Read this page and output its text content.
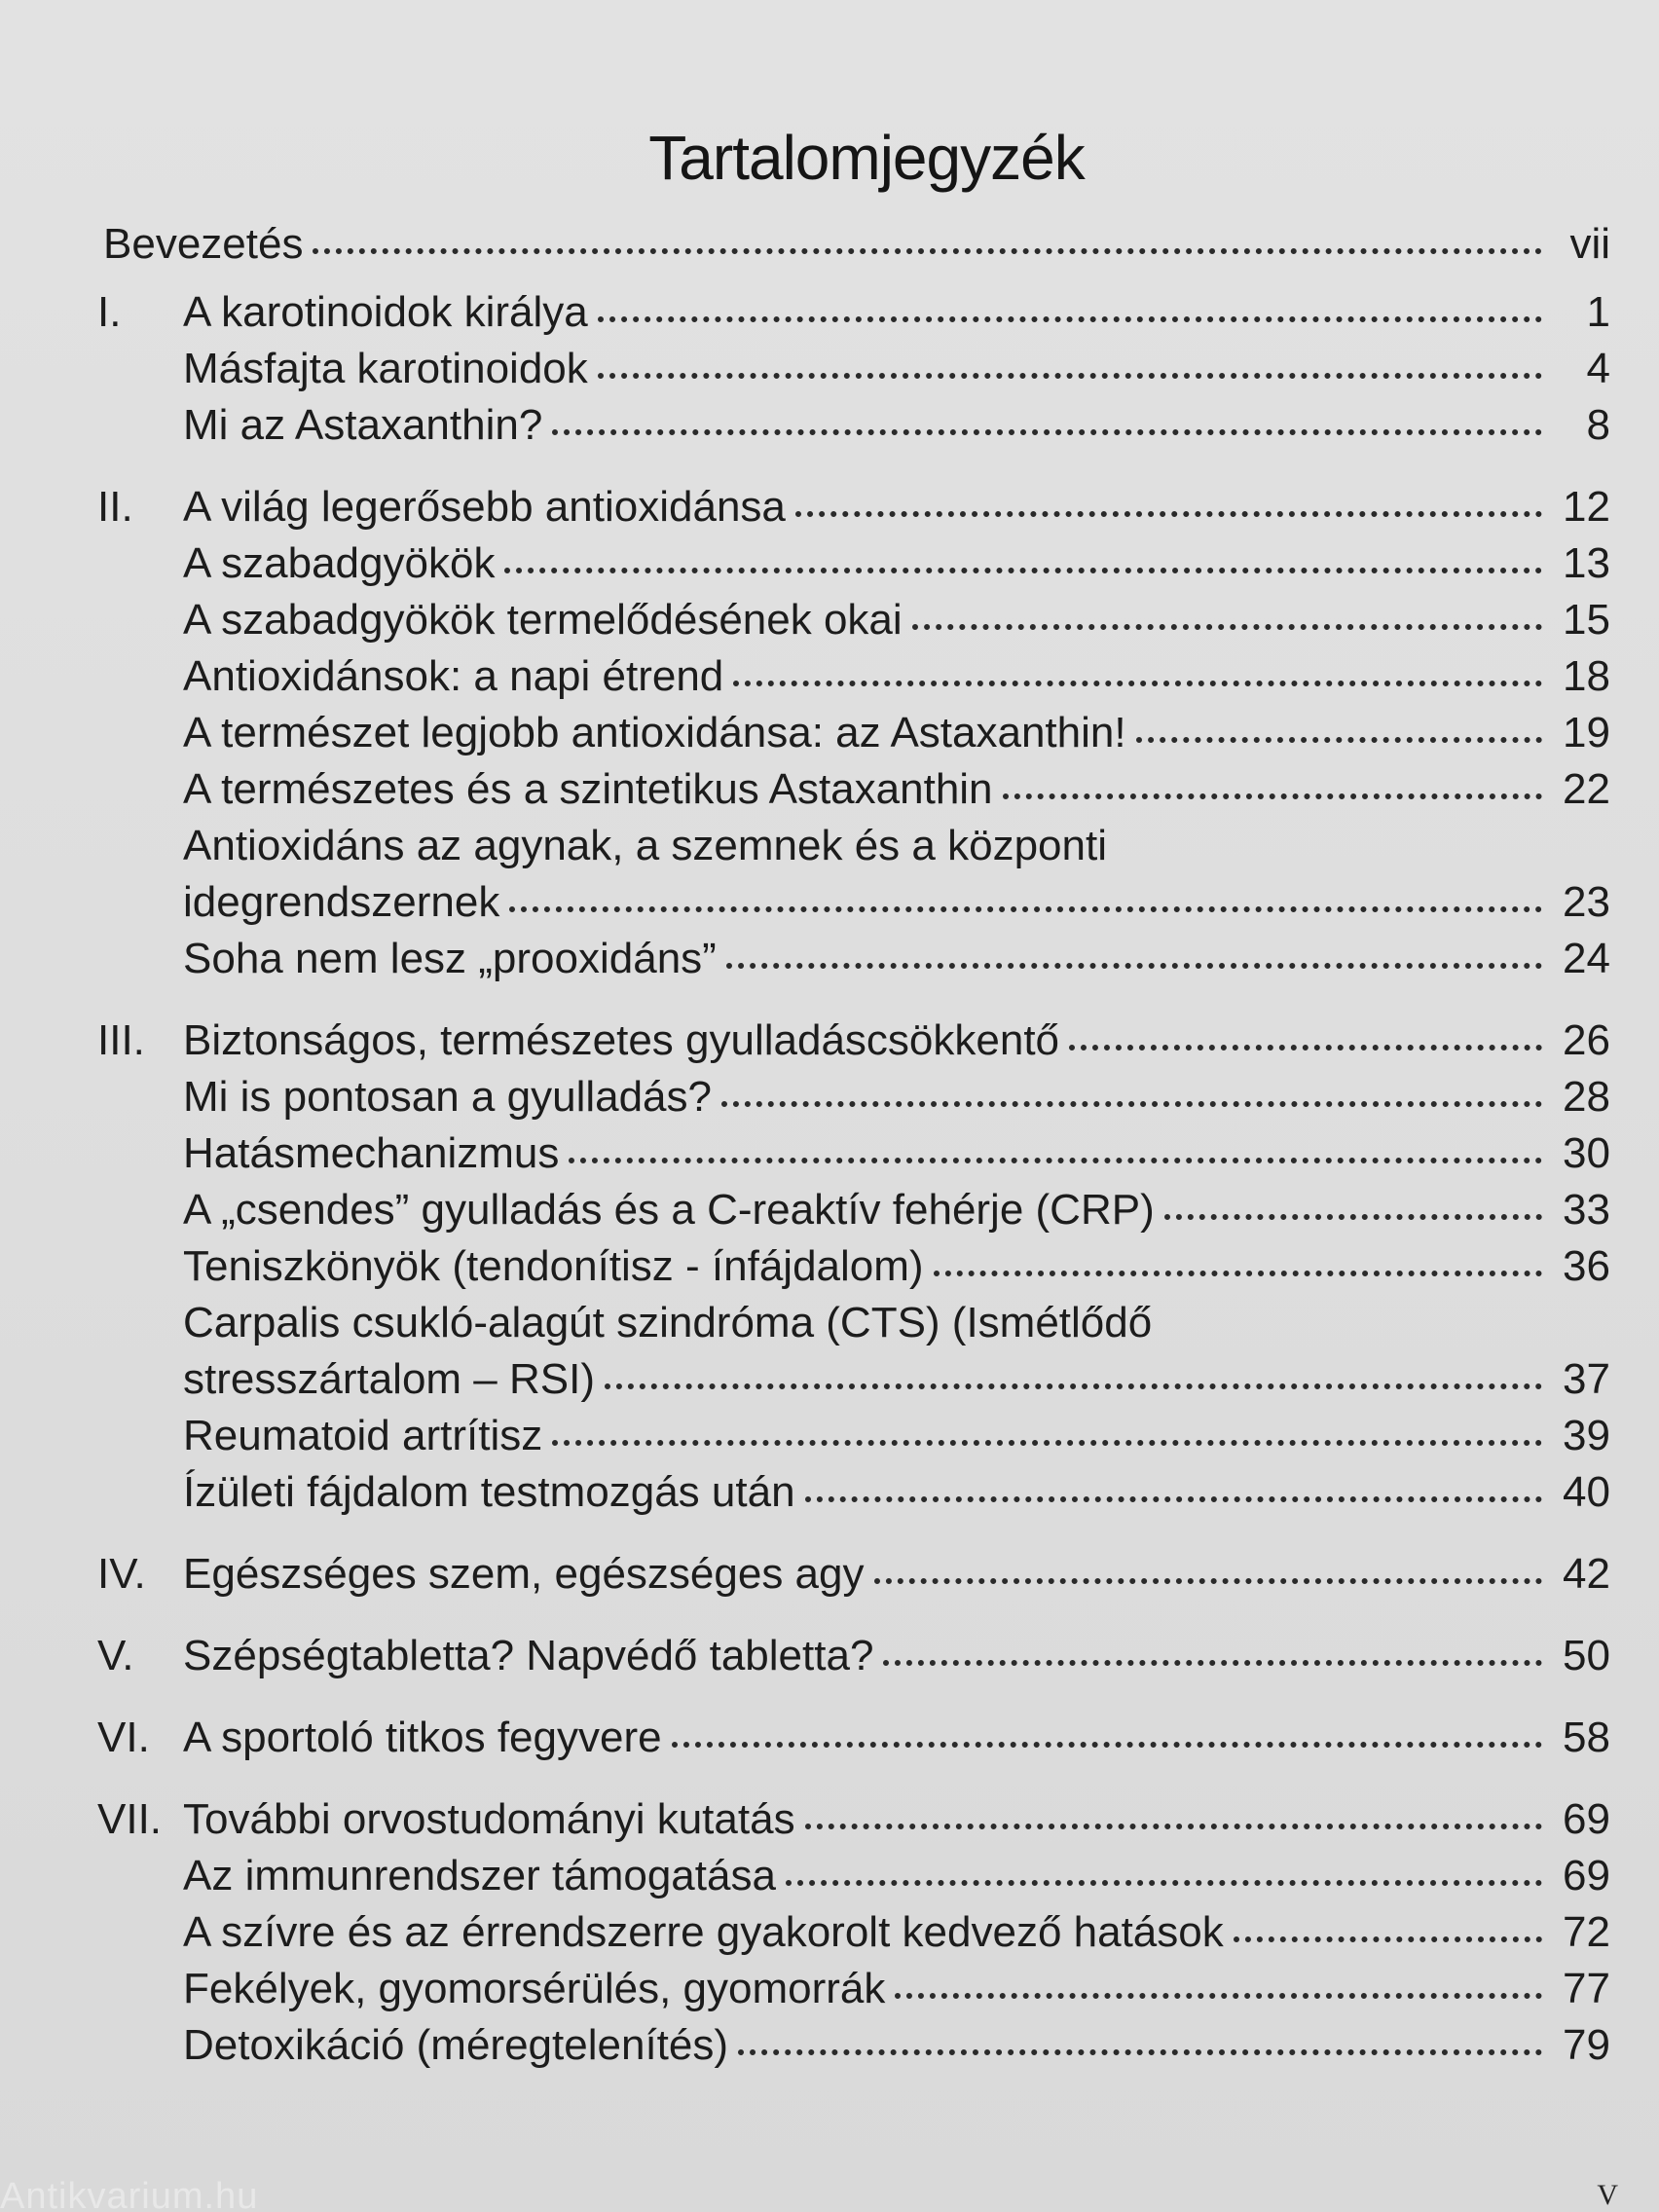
Tartalomjegyzék
Bevezetés	vii
I. A karotinoidok királya	1
Másfajta karotinoidok	4
Mi az Astaxanthin?	8
II. A világ legerősebb antioxidánsa	12
A szabadgyökök	13
A szabadgyökök termelődésének okai	15
Antioxidánsok: a napi étrend	18
A természet legjobb antioxidánsa: az Astaxanthin!	19
A természetes és a szintetikus Astaxanthin	22
Antioxidáns az agynak, a szemnek és a központi
idegrendszernek	23
Soha nem lesz „prooxidáns”	24
III. Biztonságos, természetes gyulladáscsökkentő	26
Mi is pontosan a gyulladás?	28
Hatásmechanizmus	30
A „csendes” gyulladás és a C-reaktív fehérje (CRP)	33
Teniszkönyök (tendonítisz - ínfájdalom)	36
Carpalis csukló-alagút szindróma (CTS) (Ismétlődő
stresszártalom – RSI)	37
Reumatoid artrítisz	39
Ízületi fájdalom testmozgás után	40
IV. Egészséges szem, egészséges agy	42
V. Szépségtabletta? Napvédő tabletta?	50
VI. A sportoló titkos fegyvere	58
VII. További orvostudományi kutatás	69
Az immunrendszer támogatása	69
A szívre és az érrendszerre gyakorolt kedvező hatások	72
Fekélyek, gyomorsérülés, gyomorrák	77
Detoxikáció (méregtelenítés)	79
Antikvarium.hu	V
